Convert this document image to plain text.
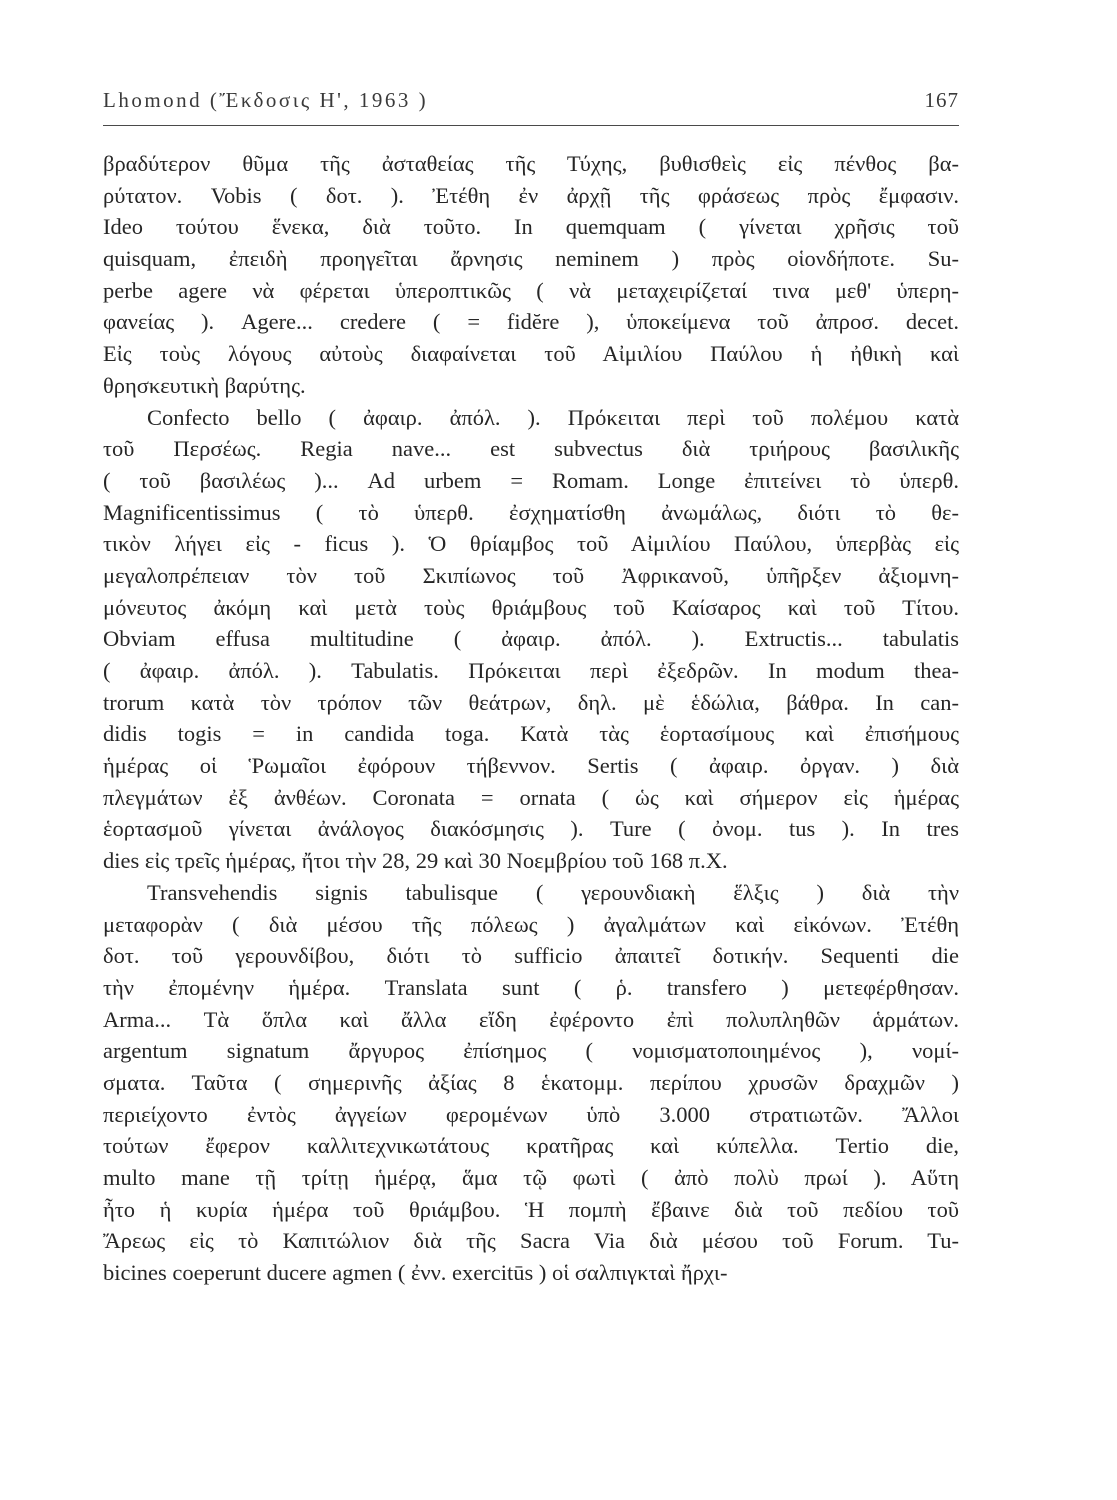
Lhomond (Ἔκδοσις Η', 1963 )	167
βραδύτερον θῦμα τῆς ἀσταθείας τῆς Τύχης, βυθισθεὶς εἰς πένθος βα-
ρύτατον. Vobis ( δοτ. ). Ἐτέθη ἐν ἀρχῇ τῆς φράσεως πρὸς ἔμφασιν.
Ideo τούτου ἕνεκα, διὰ τοῦτο. In quemquam ( γίνεται χρῆσις τοῦ
quisquam, ἐπειδὴ προηγεῖται ἄρνησις neminem ) πρὸς οἱονδήποτε. Su-
perbe agere νὰ φέρεται ὑπεροπτικῶς ( νὰ μεταχειρίζεταί τινα μεθ' ὑπερη-
φανείας ). Agere... credere ( = fidĕre ), ὑποκείμενα τοῦ ἀπροσ. decet.
Εἰς τοὺς λόγους αὐτοὺς διαφαίνεται τοῦ Αἰμιλίου Παύλου ἡ ἠθικὴ καὶ
θρησκευτικὴ βαρύτης.
Confecto bello ( ἀφαιρ. ἀπόλ. ). Πρόκειται περὶ τοῦ πολέμου κατὰ
τοῦ Περσέως. Regia nave... est subvectus διὰ τριήρους βασιλικῆς
( τοῦ βασιλέως )... Ad urbem = Romam. Longe ἐπιτείνει τὸ ὑπερθ.
Magnificentissimus ( τὸ ὑπερθ. ἐσχηματίσθη ἀνωμάλως, διότι τὸ θε-
τικὸν λήγει εἰς - ficus ). Ὁ θρίαμβος τοῦ Αἰμιλίου Παύλου, ὑπερβὰς εἰς
μεγαλοπρέπειαν τὸν τοῦ Σκιπίωνος τοῦ Ἀφρικανοῦ, ὑπῆρξεν ἀξιομνη-
μόνευτος ἀκόμη καὶ μετὰ τοὺς θριάμβους τοῦ Καίσαρος καὶ τοῦ Τίτου.
Obviam effusa multitudine ( ἀφαιρ. ἀπόλ. ). Extructis... tabulatis
( ἀφαιρ. ἀπόλ. ). Tabulatis. Πρόκειται περὶ ἐξεδρῶν. In modum thea-
trorum κατὰ τὸν τρόπον τῶν θεάτρων, δηλ. μὲ ἑδώλια, βάθρα. In can-
didis togis = in candida toga. Κατὰ τὰς ἑορτασίμους καὶ ἐπισήμους
ἡμέρας οἱ Ῥωμαῖοι ἐφόρουν τήβεννον. Sertis ( ἀφαιρ. ὀργαν. ) διὰ
πλεγμάτων ἐξ ἀνθέων. Coronata = ornata ( ὡς καὶ σήμερον εἰς ἡμέρας
ἑορτασμοῦ γίνεται ἀνάλογος διακόσμησις ). Ture ( ὀνομ. tus ). In tres
dies εἰς τρεῖς ἡμέρας, ἤτοι τὴν 28, 29 καὶ 30 Νοεμβρίου τοῦ 168 π.Χ.
Transvehendis signis tabulisque ( γερουνδιακὴ ἕλξις ) διὰ τὴν
μεταφορὰν ( διὰ μέσου τῆς πόλεως ) ἀγαλμάτων καὶ εἰκόνων. Ἐτέθη
δοτ. τοῦ γερουνδίβου, διότι τὸ sufficio ἀπαιτεῖ δοτικήν. Sequenti die
τὴν ἐπομένην ἡμέρα. Translata sunt ( ῥ. transfero ) μετεφέρθησαν.
Arma... Τὰ ὅπλα καὶ ἄλλα εἴδη ἐφέροντο ἐπὶ πολυπληθῶν ἁρμάτων.
argentum signatum ἄργυρος ἐπίσημος ( νομισματοποιημένος ), νομί-
σματα. Ταῦτα ( σημερινῆς ἀξίας 8 ἑκατομμ. περίπου χρυσῶν δραχμῶν )
περιείχοντο ἐντὸς ἀγγείων φερομένων ὑπὸ 3.000 στρατιωτῶν. Ἄλλοι
τούτων ἔφερον καλλιτεχνικωτάτους κρατῆρας καὶ κύπελλα. Tertio die,
multo mane τῇ τρίτῃ ἡμέρᾳ, ἅμα τῷ φωτὶ ( ἀπὸ πολὺ πρωί ). Αὕτη
ἦτο ἡ κυρία ἡμέρα τοῦ θριάμβου. Ἡ πομπὴ ἔβαινε διὰ τοῦ πεδίου τοῦ
Ἄρεως εἰς τὸ Καπιτώλιον διὰ τῆς Sacra Via διὰ μέσου τοῦ Forum. Tu-
bicines coeperunt ducere agmen ( ἐνν. exercitūs ) οἱ σαλπιγκταὶ ἤρχι-
